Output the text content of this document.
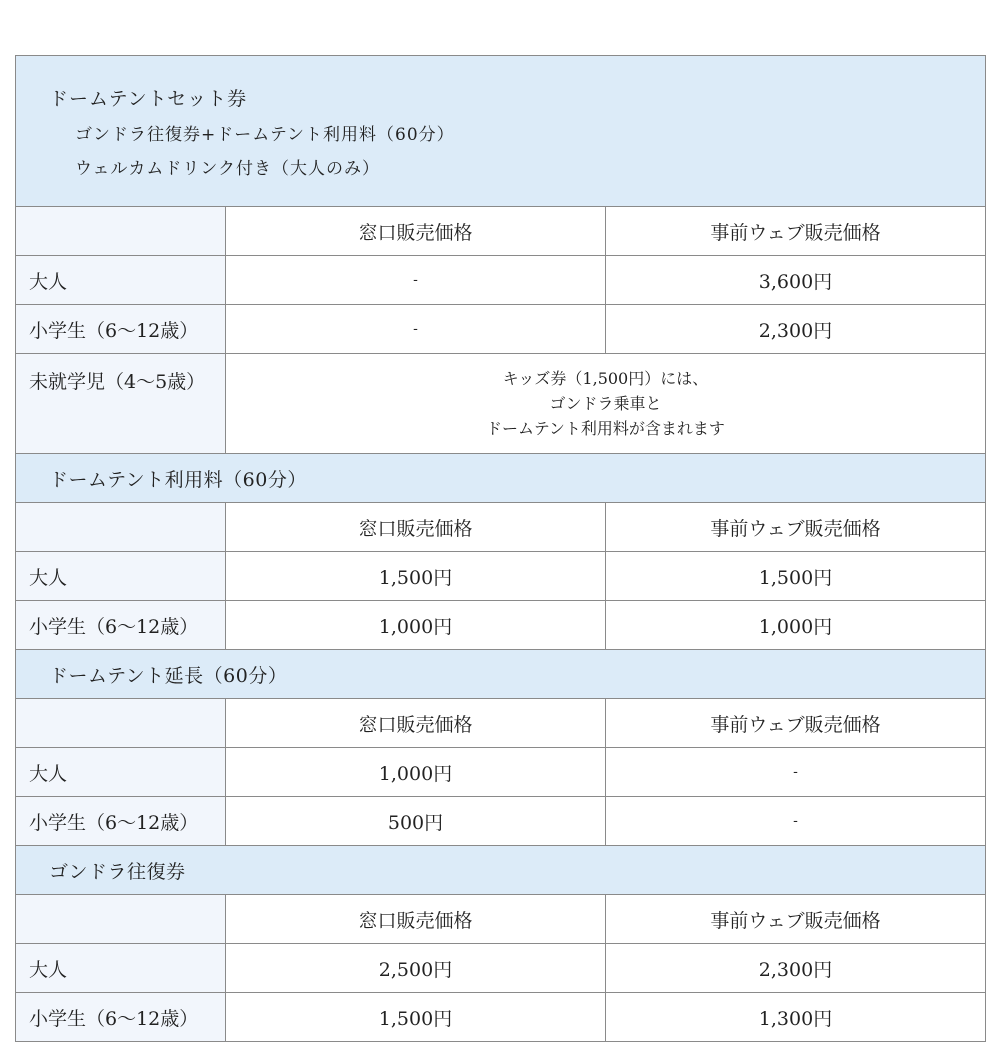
ドームテントセット券
ゴンドラ往復券+ドームテント利用料（60分）
ウェルカムドリンク付き（大人のみ）		

	窓口販売価格	事前ウェブ販売価格
大人	-	3,600円
小学生（6〜12歳）	-	2,300円
未就学児（4〜5歳）	キッズ券（1,500円）には、
ゴンドラ乗車と
ドームテント利用料が含まれます	

ドームテント利用料（60分）		
	窓口販売価格	事前ウェブ販売価格
大人	1,500円	1,500円
小学生（6〜12歳）	1,000円	1,000円
ドームテント延長（60分）		
	窓口販売価格	事前ウェブ販売価格
大人	1,000円	-
小学生（6〜12歳）	500円	-
ゴンドラ往復券		
	窓口販売価格	事前ウェブ販売価格
大人	2,500円	2,300円
小学生（6〜12歳）	1,500円	1,300円
